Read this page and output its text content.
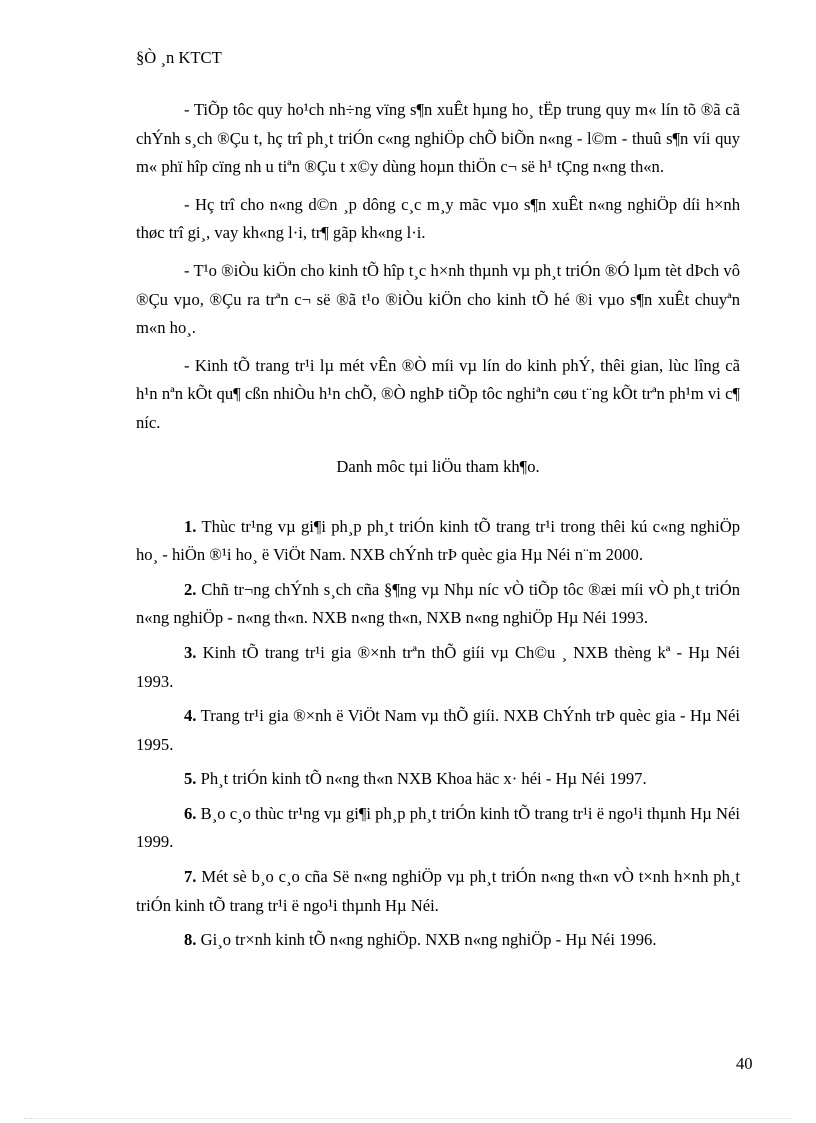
§Ò ¸n KTCT

- TiÕp tôc quy ho¹ch nh÷ng vïng s¶n xuÊt hµng ho¸ tËp trung quy m« lín tõ ®ã cã chÝnh s¸ch ®Çu t, hç trî ph¸t triÓn c«ng nghiÖp chÕ biÕn n«ng - l©m - thuû s¶n víi quy m« phï hîp cïng nh u tiªn ®Çu t x©y dùng hoµn thiÖn c¬ së h¹ tÇng n«ng th«n.

- Hç trî cho n«ng d©n ¸p dông c¸c m¸y mãc vµo s¶n xuÊt n«ng nghiÖp díi h×nh thøc trî gi¸, vay kh«ng l·i, tr¶ gãp kh«ng l·i.

- T¹o ®iÒu kiÖn cho kinh tÕ hîp t¸c h×nh thµnh vµ ph¸t triÓn ®Ó lµm tèt dÞch vô ®Çu vµo, ®Çu ra trªn c¬ së ®ã t¹o ®iÒu kiÖn cho kinh tÕ hé ®i vµo s¶n xuÊt chuyªn m«n ho¸.

- Kinh tÕ trang tr¹i lµ mét vÊn ®Ò míi vµ lín do kinh phÝ, thêi gian, lùc lîng cã h¹n nªn kÕt qu¶ cßn nhiÒu h¹n chÕ, ®Ò nghÞ tiÕp tôc nghiªn cøu t¨ng kÕt trªn ph¹m vi c¶ níc.

Danh môc tµi liÖu tham kh¶o.

1. Thùc tr¹ng vµ gi¶i ph¸p ph¸t triÓn kinh tÕ trang tr¹i trong thêi kú c«ng nghiÖp ho¸ - hiÖn ®¹i ho¸ ë ViÖt Nam. NXB chÝnh trÞ quèc gia Hµ Néi n¨m 2000.

2. Chñ tr¬ng chÝnh s¸ch cña §¶ng vµ Nhµ níc vÒ tiÕp tôc ®æi míi vÒ ph¸t triÓn n«ng nghiÖp - n«ng th«n. NXB n«ng th«n, NXB n«ng nghiÖp Hµ Néi 1993.

3. Kinh tÕ trang tr¹i gia ®×nh trªn thÕ giíi vµ Ch©u ¸ NXB thèng kª - Hµ Néi 1993.

4. Trang tr¹i gia ®×nh ë ViÖt Nam vµ thÕ giíi. NXB ChÝnh trÞ quèc gia - Hµ Néi 1995.

5. Ph¸t triÓn kinh tÕ n«ng th«n NXB Khoa häc x· héi - Hµ Néi 1997.

6. B¸o c¸o thùc tr¹ng vµ gi¶i ph¸p ph¸t triÓn kinh tÕ trang tr¹i ë ngo¹i thµnh Hµ Néi 1999.

7. Mét sè b¸o c¸o cña Së n«ng nghiÖp vµ ph¸t triÓn n«ng th«n vÒ t×nh h×nh ph¸t triÓn kinh tÕ trang tr¹i ë ngo¹i thµnh Hµ Néi.

8. Gi¸o tr×nh kinh tÕ n«ng nghiÖp. NXB n«ng nghiÖp - Hµ Néi 1996.

40
